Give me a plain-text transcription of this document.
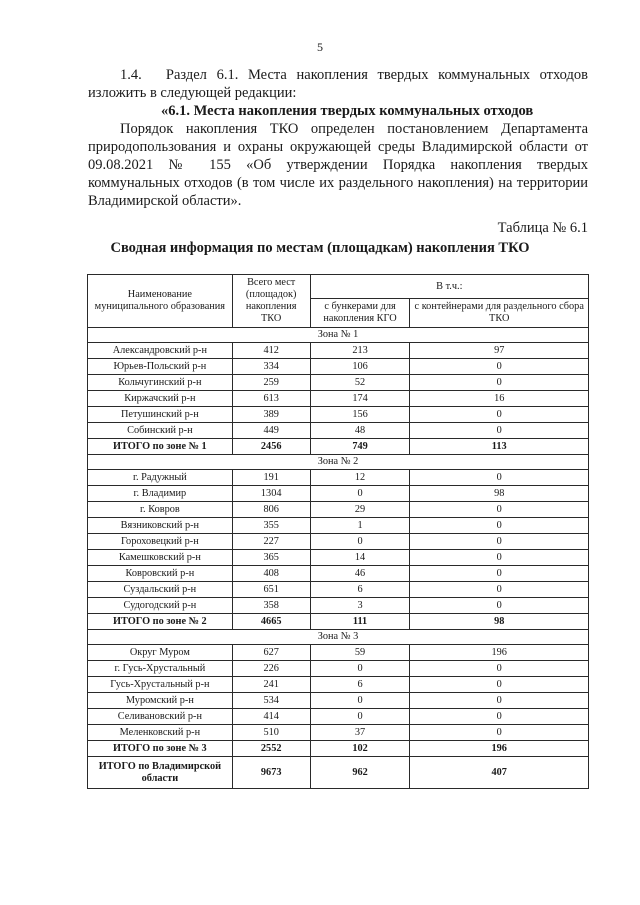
5

1.4.  Раздел 6.1. Места накопления твердых коммунальных отходов изложить в следующей редакции:

«6.1. Места накопления твердых коммунальных отходов

Порядок накопления ТКО определен постановлением Департамента природопользования и охраны окружающей среды Владимирской области от 09.08.2021 № 155 «Об утверждении Порядка накопления твердых коммунальных отходов (в том числе их раздельного накопления) на территории Владимирской области».

Таблица № 6.1

Сводная информация по местам (площадкам) накопления ТКО
Наименование муниципального образования	Всего мест (площадок) накопления ТКО	В т.ч.:	
		с бункерами для накопления КГО	с контейнерами для раздельного сбора ТКО
Зона № 1			
Александровский р-н	412	213	97
Юрьев-Польский р-н	334	106	0
Кольчугинский р-н	259	52	0
Киржачский р-н	613	174	16
Петушинский р-н	389	156	0
Собинский р-н	449	48	0
ИТОГО по зоне № 1	2456	749	113
Зона № 2			
г. Радужный	191	12	0
г. Владимир	1304	0	98
г. Ковров	806	29	0
Вязниковский р-н	355	1	0
Гороховецкий р-н	227	0	0
Камешковский р-н	365	14	0
Ковровский р-н	408	46	0
Суздальский р-н	651	6	0
Судогодский р-н	358	3	0
ИТОГО по зоне № 2	4665	111	98
Зона № 3			
Округ Муром	627	59	196
г. Гусь-Хрустальный	226	0	0
Гусь-Хрустальный р-н	241	6	0
Муромский р-н	534	0	0
Селивановский р-н	414	0	0
Меленковский р-н	510	37	0
ИТОГО по зоне № 3	2552	102	196
ИТОГО по Владимирской области	9673	962	407
